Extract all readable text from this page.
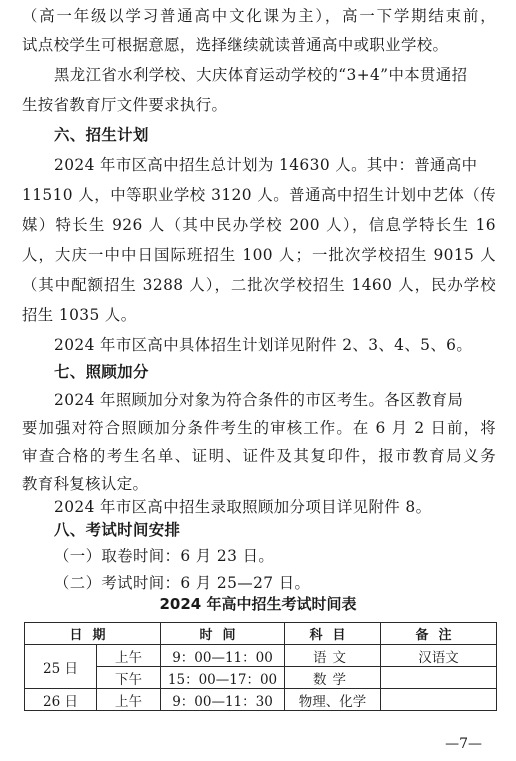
（高一年级以学习普通高中文化课为主），高一下学期结束前，
试点校学生可根据意愿，选择继续就读普通高中或职业学校。
黑龙江省水利学校、大庆体育运动学校的“3+4”中本贯通招
生按省教育厅文件要求执行。
六、招生计划
2024 年市区高中招生总计划为 14630 人。其中：普通高中
11510 人，中等职业学校 3120 人。普通高中招生计划中艺体（传
媒）特长生 926 人（其中民办学校 200 人），信息学特长生 16
人，大庆一中中日国际班招生 100 人；一批次学校招生 9015 人
（其中配额招生 3288 人），二批次学校招生 1460 人，民办学校
招生 1035 人。
2024 年市区高中具体招生计划详见附件 2、3、4、5、6。
七、照顾加分
2024 年照顾加分对象为符合条件的市区考生。各区教育局
要加强对符合照顾加分条件考生的审核工作。在 6 月 2 日前，将
审查合格的考生名单、证明、证件及其复印件，报市教育局义务
教育科复核认定。
2024 年市区高中招生录取照顾加分项目详见附件 8。
八、考试时间安排
（一）取卷时间：6 月 23 日。
2024 年高中招生考试时间表
日期		时间	科目	备注
25 日	上午	9：00—11：00	语文	汉语文
	下午	15：00—17：00	数学	
26 日	上午	9：00—11：30	物理、化学	
—7—
（二）考试时间：6 月 25—27 日。
